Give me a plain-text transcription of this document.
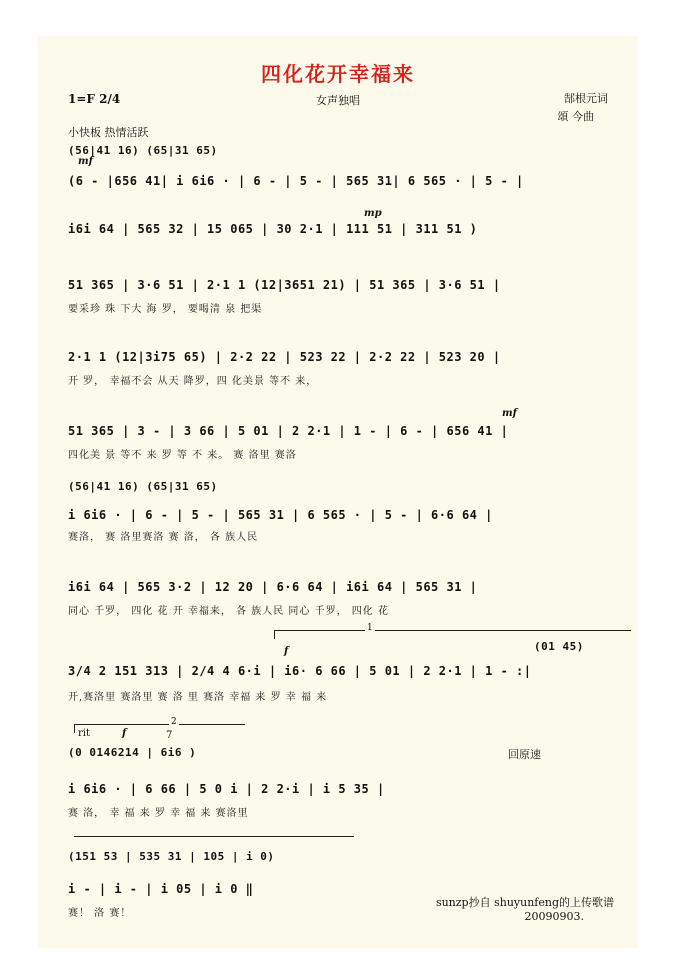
四化花开幸福来
1=F 2/4	女声独唱	郜根元词
頌 今曲
小快板 热情活跃
(56|41 16) (65|31 65)
mf
(6 - |656 41| i 6i6 · | 6 - | 5 - | 565 31| 6 565 · | 5 - |
mp
i6i 64 | 565 32 | 15 065 | 30 2·1 | 111 51 | 311 51 )
51 365 | 3·6 51 | 2·1 1 (12|3651 21) | 51 365 | 3·6 51 |
要采珍 珠 下大 海 罗， 要喝清 泉 把渠
2·1 1 (12|3i75 65) | 2·2 22 | 523 22 | 2·2 22 | 523 20 |
开 罗， 幸福不会 从天 降罗，四 化美景 等不 来，
mf
51 365 | 3 - | 3 66 | 5 01 | 2 2·1 | 1 - | 6 - | 656 41 |
四化美 景 等不 来 罗 等 不 来。 赛 洛里 赛洛
(56|41 16) (65|31 65)
i 6i6 · | 6 - | 5 - | 565 31 | 6 565 · | 5 - | 6·6 64 |
赛洛， 赛 洛里赛洛 赛 洛， 各 族人民
i6i 64 | 565 3·2 | 12 20 | 6·6 64 | i6i 64 | 565 31 |
同心 千罗， 四化 花 开 幸福来， 各 族人民 同心 千罗， 四化 花
1
(01 45)
f
3/4 2 151 313 | 2/4 4 6·i | i6· 6 66 | 5 01 | 2 2·1 | 1 - :|
开,赛洛里 赛洛里 赛 洛 里 赛洛 幸福 来 罗 幸 福 来
2
rit	f	7
回原速
(0 0146214 | 6i6 )
i 6i6 · | 6 66 | 5 0 i | 2 2·i | i 5 35 |
赛 洛， 幸 福 来 罗 幸 福 来 赛洛里
(151 53 | 535 31 | 105 | i 0)
i - | i - | i 05 | i 0 ‖
赛！ 洛 赛！
sunzp抄自 shuyunfeng的上传歌谱
20090903.
